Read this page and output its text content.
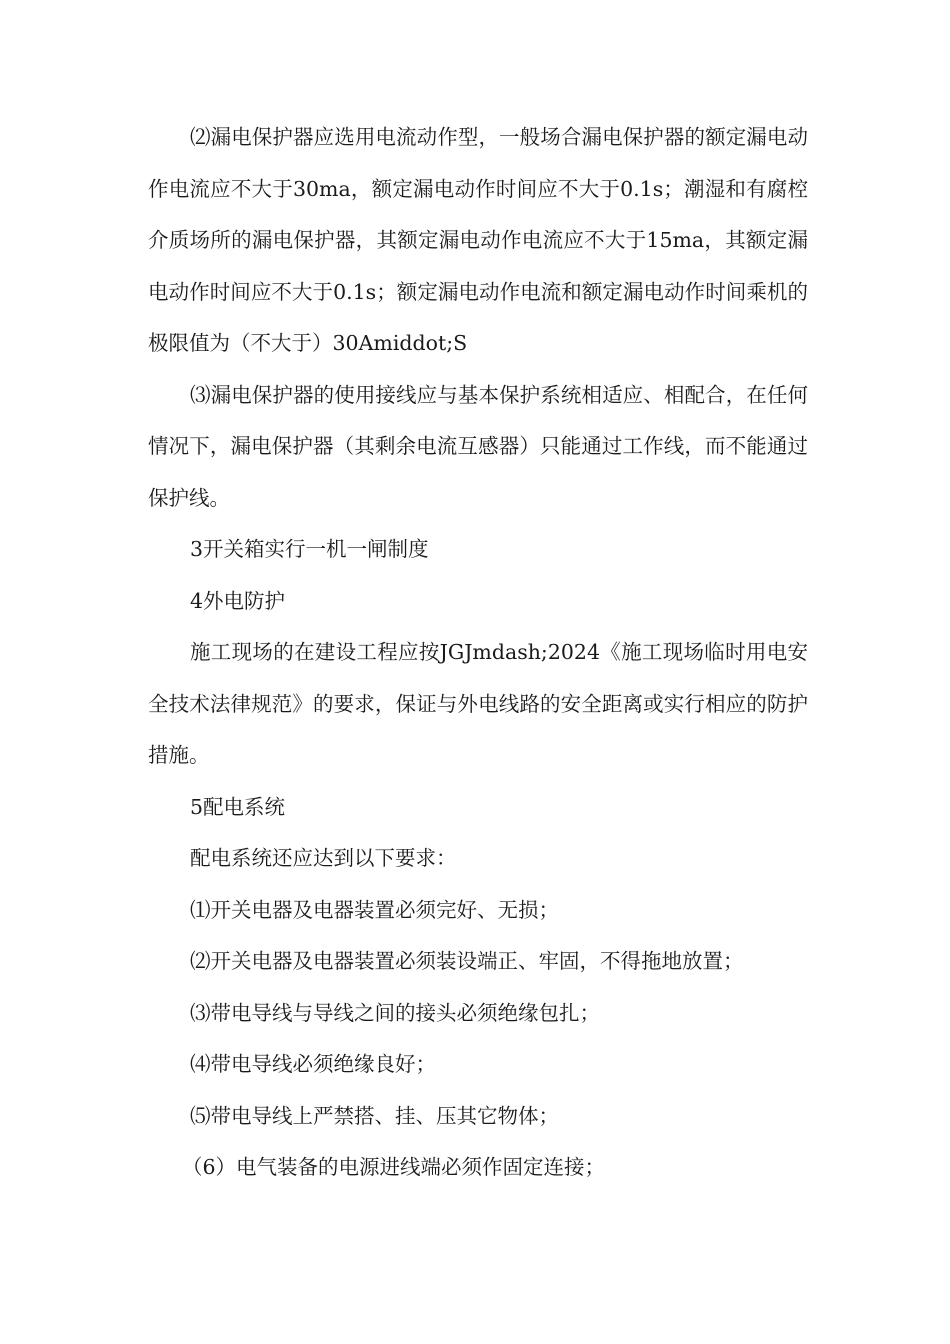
⑵漏电保护器应选用电流动作型，一般场合漏电保护器的额定漏电动作电流应不大于30ma，额定漏电动作时间应不大于0.1s；潮湿和有腐椌介质场所的漏电保护器，其额定漏电动作电流应不大于15ma，其额定漏电动作时间应不大于0.1s；额定漏电动作电流和额定漏电动作时间乘机的极限值为（不大于）30Amiddot;S

⑶漏电保护器的使用接线应与基本保护系统相适应、相配合，在任何情况下，漏电保护器（其剩余电流互感器）只能通过工作线，而不能通过保护线。

3开关箱实行一机一闸制度

4外电防护

施工现场的在建设工程应按JGJmdash;2024《施工现场临时用电安全技术法律规范》的要求，保证与外电线路的安全距离或实行相应的防护措施。

5配电系统

配电系统还应达到以下要求：

⑴开关电器及电器装置必须完好、无损；

⑵开关电器及电器装置必须装设端正、牢固，不得拖地放置；

⑶带电导线与导线之间的接头必须绝缘包扎；

⑷带电导线必须绝缘良好；

⑸带电导线上严禁搭、挂、压其它物体；

（6）电气装备的电源进线端必须作固定连接；
